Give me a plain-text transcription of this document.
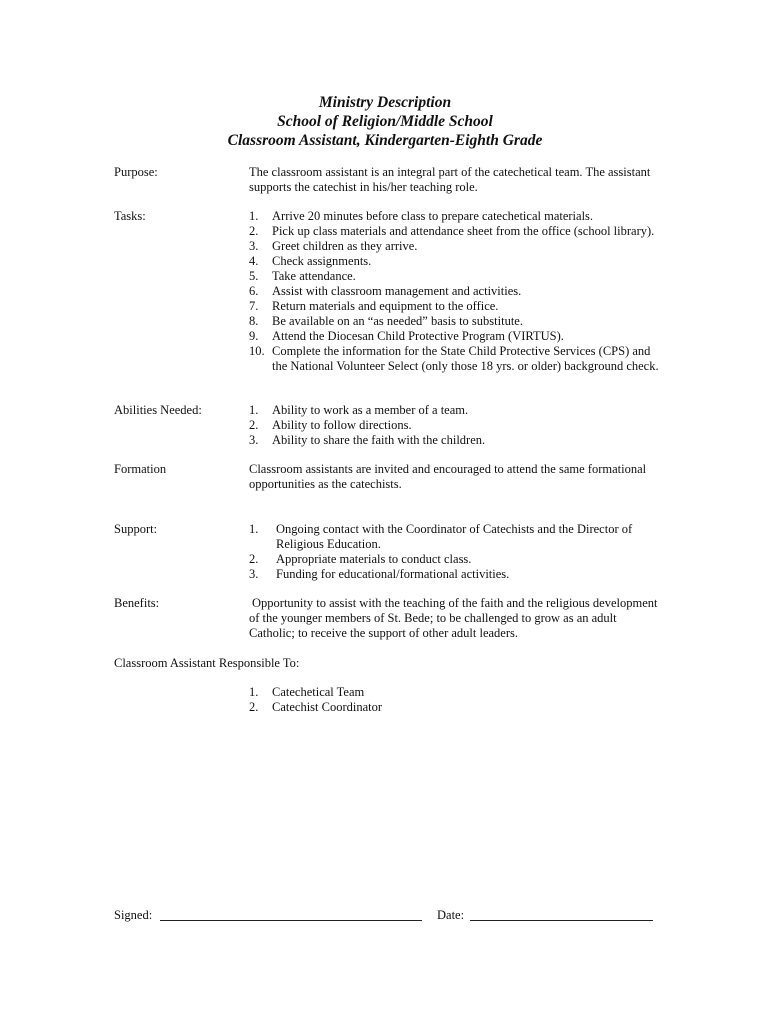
Ministry Description
School of Religion/Middle School
Classroom Assistant, Kindergarten-Eighth Grade
Purpose:	The classroom assistant is an integral part of the catechetical team. The assistant supports the catechist in his/her teaching role.

Tasks:	1. Arrive 20 minutes before class to prepare catechetical materials.
2. Pick up class materials and attendance sheet from the office (school library).
3. Greet children as they arrive.
4. Check assignments.
5. Take attendance.
6. Assist with classroom management and activities.
7. Return materials and equipment to the office.
8. Be available on an “as needed” basis to substitute.
9. Attend the Diocesan Child Protective Program (VIRTUS).
10. Complete the information for the State Child Protective Services (CPS) and the National Volunteer Select (only those 18 yrs. or older) background check.
Abilities Needed:	1. Ability to work as a member of a team.
2. Ability to follow directions.
3. Ability to share the faith with the children.
Formation	Classroom assistants are invited and encouraged to attend the same formational opportunities as the catechists.

Support:	1. Ongoing contact with the Coordinator of Catechists and the Director of Religious Education.
2. Appropriate materials to conduct class.
3. Funding for educational/formational activities.
Benefits:	Opportunity to assist with the teaching of the faith and the religious development of the younger members of St. Bede; to be challenged to grow as an adult Catholic; to receive the support of other adult leaders.

Classroom Assistant Responsible To:
1. Catechetical Team
2. Catechist Coordinator
Signed:	Date:
